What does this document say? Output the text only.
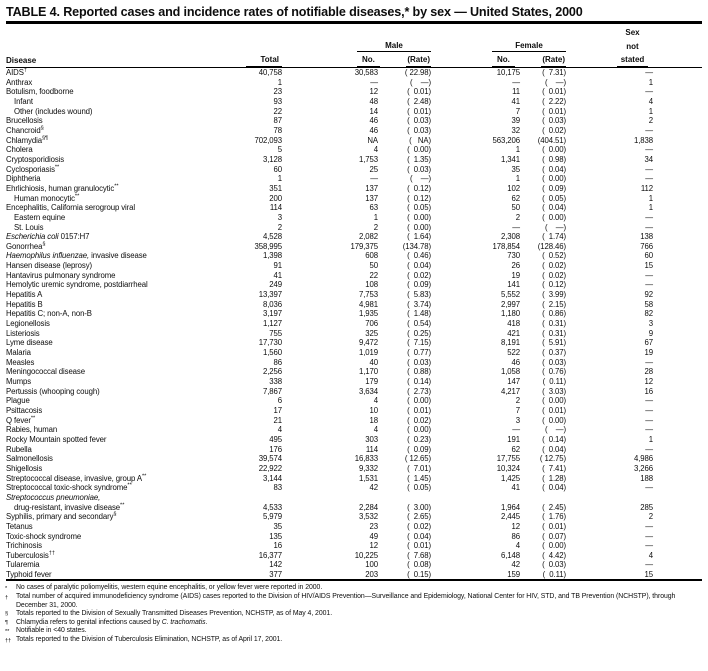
TABLE 4. Reported cases and incidence rates of notifiable diseases,* by sex — United States, 2000
						Sex	

		Male		Female		not	
Disease	Total	No. (Rate)		No. (Rate)		stated	
AIDS†	40,758	30,583	( 22.98)	10,175	(  7.31)	—	
Anthrax	1	—	(    —)	—	(    —)	1	
Botulism, foodborne	23	12	(  0.01)	11	(  0.01)	—	
Infant	93	48	(  2.48)	41	(  2.22)	4	
Other (includes wound)	22	14	(  0.01)	7	(  0.01)	1	
Brucellosis	87	46	(  0.03)	39	(  0.03)	2	
Chancroid§	78	46	(  0.03)	32	(  0.02)	—	
Chlamydia§¶	702,093	NA	(   NA)	563,206	(404.51)	1,838	
Cholera	5	4	(  0.00)	1	(  0.00)	—	
Cryptosporidiosis	3,128	1,753	(  1.35)	1,341	(  0.98)	34	
Cyclosporiasis**	60	25	(  0.03)	35	(  0.04)	—	
Diphtheria	1	—	(    —)	1	(  0.00)	—	
Ehrlichiosis, human granulocytic**	351	137	(  0.12)	102	(  0.09)	112	
Human monocytic**	200	137	(  0.12)	62	(  0.05)	1	
Encephalitis, California serogroup viral	114	63	(  0.05)	50	(  0.04)	1	
Eastern equine	3	1	(  0.00)	2	(  0.00)	—	
St. Louis	2	2	(  0.00)	—	(    —)	—	
Escherichia coli 0157:H7	4,528	2,082	(  1.64)	2,308	(  1.74)	138	
Gonorrhea§	358,995	179,375	(134.78)	178,854	(128.46)	766	
Haemophilus influenzae, invasive disease	1,398	608	(  0.46)	730	(  0.52)	60	
Hansen disease (leprosy)	91	50	(  0.04)	26	(  0.02)	15	
Hantavirus pulmonary syndrome	41	22	(  0.02)	19	(  0.02)	—	
Hemolytic uremic syndrome, postdiarrheal	249	108	(  0.09)	141	(  0.12)	—	
Hepatitis A	13,397	7,753	(  5.83)	5,552	(  3.99)	92	
Hepatitis B	8,036	4,981	(  3.74)	2,997	(  2.15)	58	
Hepatitis C; non-A, non-B	3,197	1,935	(  1.48)	1,180	(  0.86)	82	
Legionellosis	1,127	706	(  0.54)	418	(  0.31)	3	
Listeriosis	755	325	(  0.25)	421	(  0.31)	9	
Lyme disease	17,730	9,472	(  7.15)	8,191	(  5.91)	67	
Malaria	1,560	1,019	(  0.77)	522	(  0.37)	19	
Measles	86	40	(  0.03)	46	(  0.03)	—	
Meningococcal disease	2,256	1,170	(  0.88)	1,058	(  0.76)	28	
Mumps	338	179	(  0.14)	147	(  0.11)	12	
Pertussis (whooping cough)	7,867	3,634	(  2.73)	4,217	(  3.03)	16	
Plague	6	4	(  0.00)	2	(  0.00)	—	
Psittacosis	17	10	(  0.01)	7	(  0.01)	—	
Q fever**	21	18	(  0.02)	3	(  0.00)	—	
Rabies, human	4	4	(  0.00)	—	(    —)	—	
Rocky Mountain spotted fever	495	303	(  0.23)	191	(  0.14)	1	
Rubella	176	114	(  0.09)	62	(  0.04)	—	
Salmonellosis	39,574	16,833	( 12.65)	17,755	( 12.75)	4,986	
Shigellosis	22,922	9,332	(  7.01)	10,324	(  7.41)	3,266	
Streptococcal disease, invasive, group A**	3,144	1,531	(  1.45)	1,425	(  1.28)	188	
Streptococcal toxic-shock syndrome**	83	42	(  0.05)	41	(  0.04)	—	
Streptococcus pneumoniae,							
drug-resistant, invasive disease**	4,533	2,284	(  3.00)	1,964	(  2.45)	285	
Syphilis, primary and secondary§	5,979	3,532	(  2.65)	2,445	(  1.76)	2	
Tetanus	35	23	(  0.02)	12	(  0.01)	—	
Toxic-shock syndrome	135	49	(  0.04)	86	(  0.07)	—	
Trichinosis	16	12	(  0.01)	4	(  0.00)	—	
Tuberculosis††	16,377	10,225	(  7.68)	6,148	(  4.42)	4	
Tularemia	142	100	(  0.08)	42	(  0.03)	—	
Typhoid fever	377	203	(  0.15)	159	(  0.11)	15	
*	No cases of paralytic poliomyelitis, western equine encephalitis, or yellow fever were reported in 2000.
†	Total number of acquired immunodeficiency syndrome (AIDS) cases reported to the Division of HIV/AIDS Prevention—Surveillance and Epidemiology, National Center for HIV, STD, and TB Prevention (NCHSTP), through December 31, 2000.
§	Totals reported to the Division of Sexually Transmitted Diseases Prevention, NCHSTP, as of May 4, 2001.
¶	Chlamydia refers to genital infections caused by C. trachomatis.
** Notifiable in <40 states.
†† Totals reported to the Division of Tuberculosis Elimination, NCHSTP, as of April 17, 2001.
